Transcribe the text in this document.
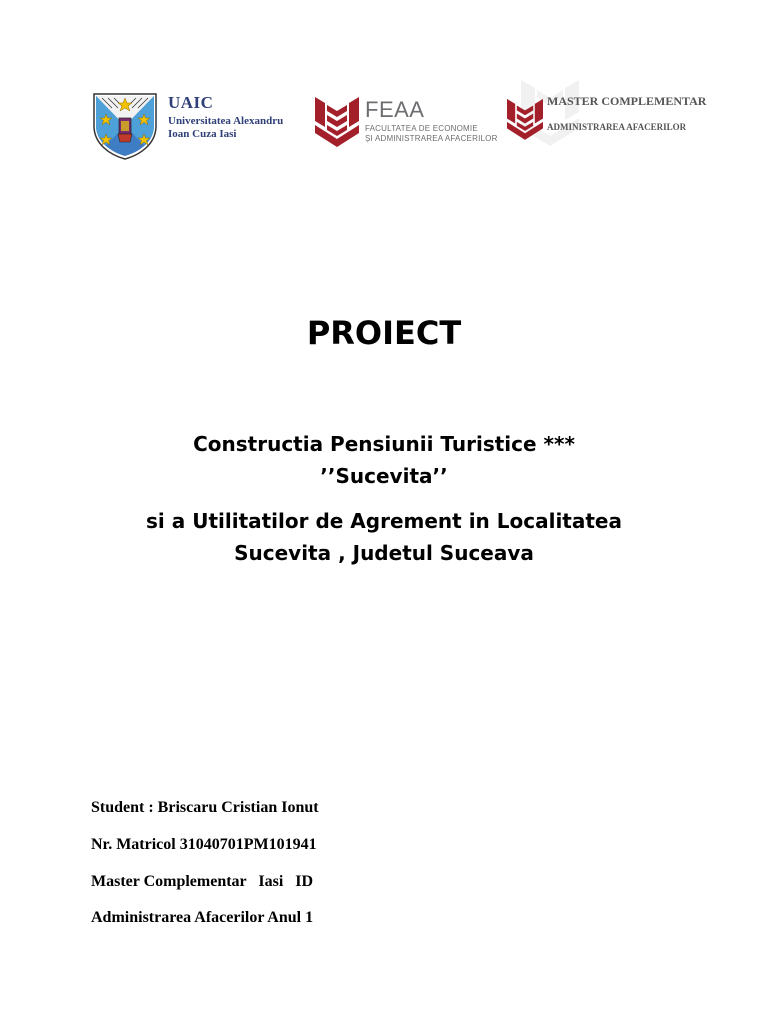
UAIC
Universitatea Alexandru
Ioan Cuza Iasi
FEAA
FACULTATEA DE ECONOMIE
ȘI ADMINISTRAREA AFACERILOR
MASTER COMPLEMENTAR
ADMINISTRAREA AFACERILOR
PROIECT
Constructia Pensiunii Turistice ***
’’Sucevita’’
si a Utilitatilor de Agrement in Localitatea
Sucevita , Judetul Suceava
Student : Briscaru Cristian Ionut
Nr. Matricol 31040701PM101941
Master Complementar   Iasi   ID
Administrarea Afacerilor Anul 1
